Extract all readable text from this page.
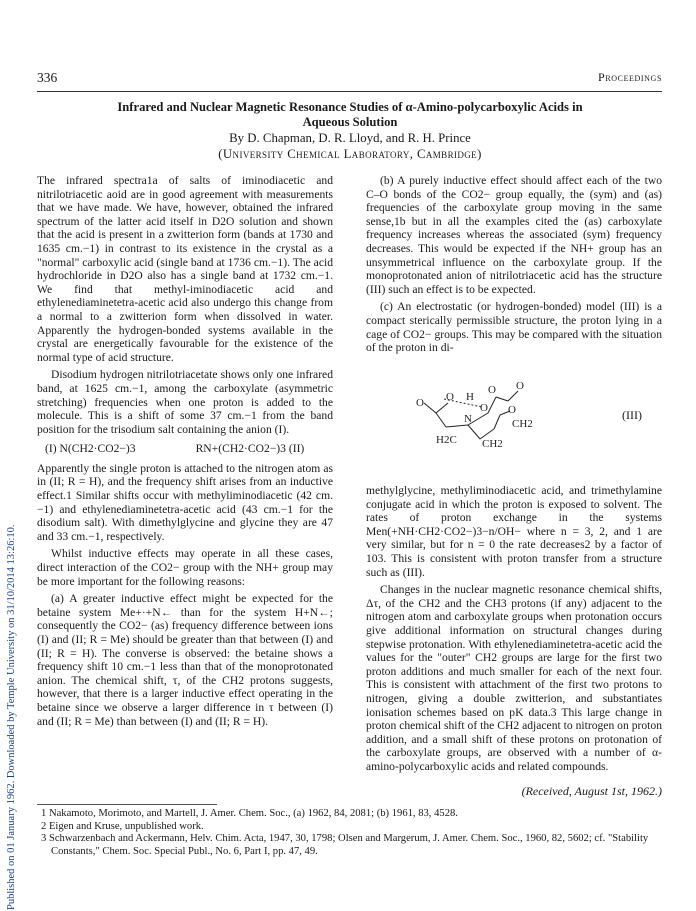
Published on 01 January 1962. Downloaded by Temple University on 31/10/2014 13:26:10.
336	Proceedings
Infrared and Nuclear Magnetic Resonance Studies of α-Amino-polycarboxylic Acids in
Aqueous Solution
By D. Chapman, D. R. Lloyd, and R. H. Prince
(University Chemical Laboratory, Cambridge)

The infrared spectra1a of salts of iminodiacetic and nitrilotriacetic aoid are in good agreement with measurements that we have made. We have, however, obtained the infrared spectrum of the latter acid itself in D2O solution and shown that the acid is present in a zwitterion form (bands at 1730 and 1635 cm.−1) in contrast to its existence in the crystal as a "normal" carboxylic acid (single band at 1736 cm.−1). The acid hydrochloride in D2O also has a single band at 1732 cm.−1. We find that methyl-iminodiacetic acid and ethylenediaminetetra-acetic acid also undergo this change from a normal to a zwitterion form when dissolved in water. Apparently the hydrogen-bonded systems available in the crystal are energetically favourable for the existence of the normal type of acid structure.

Disodium hydrogen nitrilotriacetate shows only one infrared band, at 1625 cm.−1, among the carboxylate (asymmetric stretching) frequencies when one proton is added to the molecule. This is a shift of some 37 cm.−1 from the band position for the trisodium salt containing the anion (I).

(I) N(CH2·CO2−)3	RN+(CH2·CO2−)3 (II)

Apparently the single proton is attached to the nitrogen atom as in (II; R = H), and the frequency shift arises from an inductive effect.1 Similar shifts occur with methyliminodiacetic (42 cm.−1) and ethylenediaminetetra-acetic acid (43 cm.−1 for the disodium salt). With dimethylglycine and glycine they are 47 and 33 cm.−1, respectively.

Whilst inductive effects may operate in all these cases, direct interaction of the CO2− group with the NH+ group may be more important for the following reasons:

(a) A greater inductive effect might be expected for the betaine system Me+·+N← than for the system H+N←; consequently the CO2− (as) frequency difference between ions (I) and (II; R = Me) should be greater than that between (I) and (II; R = H). The converse is observed: the betaine shows a frequency shift 10 cm.−1 less than that of the monoprotonated anion. The chemical shift, τ, of the CH2 protons suggests, however, that there is a larger inductive effect operating in the betaine since we observe a larger difference in τ between (I) and (II; R = Me) than between (I) and (II; R = H).

(b) A purely inductive effect should affect each of the two C–O bonds of the CO2− group equally, the (sym) and (as) frequencies of the carboxylate group moving in the same sense,1b but in all the examples cited the (as) carboxylate frequency increases whereas the associated (sym) frequency decreases. This would be expected if the NH+ group has an unsymmetrical influence on the carboxylate group. If the monoprotonated anion of nitrilotriacetic acid has the structure (III) such an effect is to be expected.

(c) An electrostatic (or hydrogen-bonded) model (III) is a compact sterically permissible structure, the proton lying in a cage of CO2− groups. This may be compared with the situation of the proton in di-

O O H
O O
O
O
N
H2C CH2
CH2
(III)

methylglycine, methyliminodiacetic acid, and trimethylamine conjugate acid in which the proton is exposed to solvent. The rates of proton exchange in the systems Men(+NH·CH2·CO2−)3−n/OH− where n = 3, 2, and 1 are very similar, but for n = 0 the rate decreases2 by a factor of 103. This is consistent with proton transfer from a structure such as (III).

Changes in the nuclear magnetic resonance chemical shifts, Δτ, of the CH2 and the CH3 protons (if any) adjacent to the nitrogen atom and carboxylate groups when protonation occurs give additional information on structural changes during stepwise protonation. With ethylenediaminetetra-acetic acid the values for the "outer" CH2 groups are large for the first two proton additions and much smaller for each of the next four. This is consistent with attachment of the first two protons to nitrogen, giving a double zwitterion, and substantiates ionisation schemes based on pK data.3 This large change in proton chemical shift of the CH2 adjacent to nitrogen on proton addition, and a small shift of these protons on protonation of the carboxylate groups, are observed with a number of α-amino-polycarboxylic acids and related compounds.

(Received, August 1st, 1962.)

1 Nakamoto, Morimoto, and Martell, J. Amer. Chem. Soc., (a) 1962, 84, 2081; (b) 1961, 83, 4528.

2 Eigen and Kruse, unpublished work.

3 Schwarzenbach and Ackermann, Helv. Chim. Acta, 1947, 30, 1798; Olsen and Margerum, J. Amer. Chem. Soc., 1960, 82, 5602; cf. "Stability Constants," Chem. Soc. Special Publ., No. 6, Part I, pp. 47, 49.
